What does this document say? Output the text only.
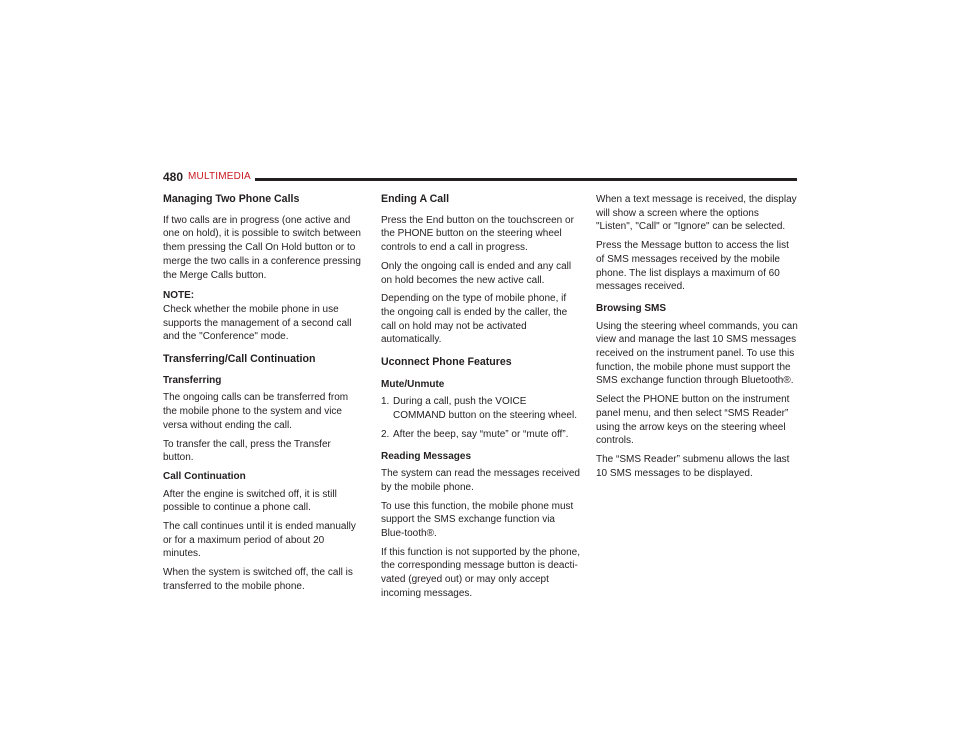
480 MULTIMEDIA
Managing Two Phone Calls

If two calls are in progress (one active and one on hold), it is possible to switch between them pressing the Call On Hold button or to merge the two calls in a conference pressing the Merge Calls button.

NOTE:
Check whether the mobile phone in use supports the management of a second call and the "Conference" mode.

Transferring/Call Continuation
Transferring

The ongoing calls can be transferred from the mobile phone to the system and vice versa without ending the call.

To transfer the call, press the Transfer button.

Call Continuation

After the engine is switched off, it is still possible to continue a phone call.

The call continues until it is ended manually or for a maximum period of about 20 minutes.

When the system is switched off, the call is transferred to the mobile phone.

Ending A Call

Press the End button on the touchscreen or the PHONE button on the steering wheel controls to end a call in progress.

Only the ongoing call is ended and any call on hold becomes the new active call.

Depending on the type of mobile phone, if the ongoing call is ended by the caller, the call on hold may not be activated automatically.

Uconnect Phone Features
Mute/Unmute
1. During a call, push the VOICE COMMAND button on the steering wheel.
2. After the beep, say “mute” or “mute off”.
Reading Messages

The system can read the messages received by the mobile phone.

To use this function, the mobile phone must support the SMS exchange function via Blue-tooth®.

If this function is not supported by the phone, the corresponding message button is deacti-vated (greyed out) or may only accept incoming messages.

When a text message is received, the display will show a screen where the options "Listen", "Call" or "Ignore" can be selected.

Press the Message button to access the list of SMS messages received by the mobile phone. The list displays a maximum of 60 messages received.

Browsing SMS

Using the steering wheel commands, you can view and manage the last 10 SMS messages received on the instrument panel. To use this function, the mobile phone must support the SMS exchange function through Bluetooth®.

Select the PHONE button on the instrument panel menu, and then select “SMS Reader” using the arrow keys on the steering wheel controls.

The “SMS Reader” submenu allows the last 10 SMS messages to be displayed.
